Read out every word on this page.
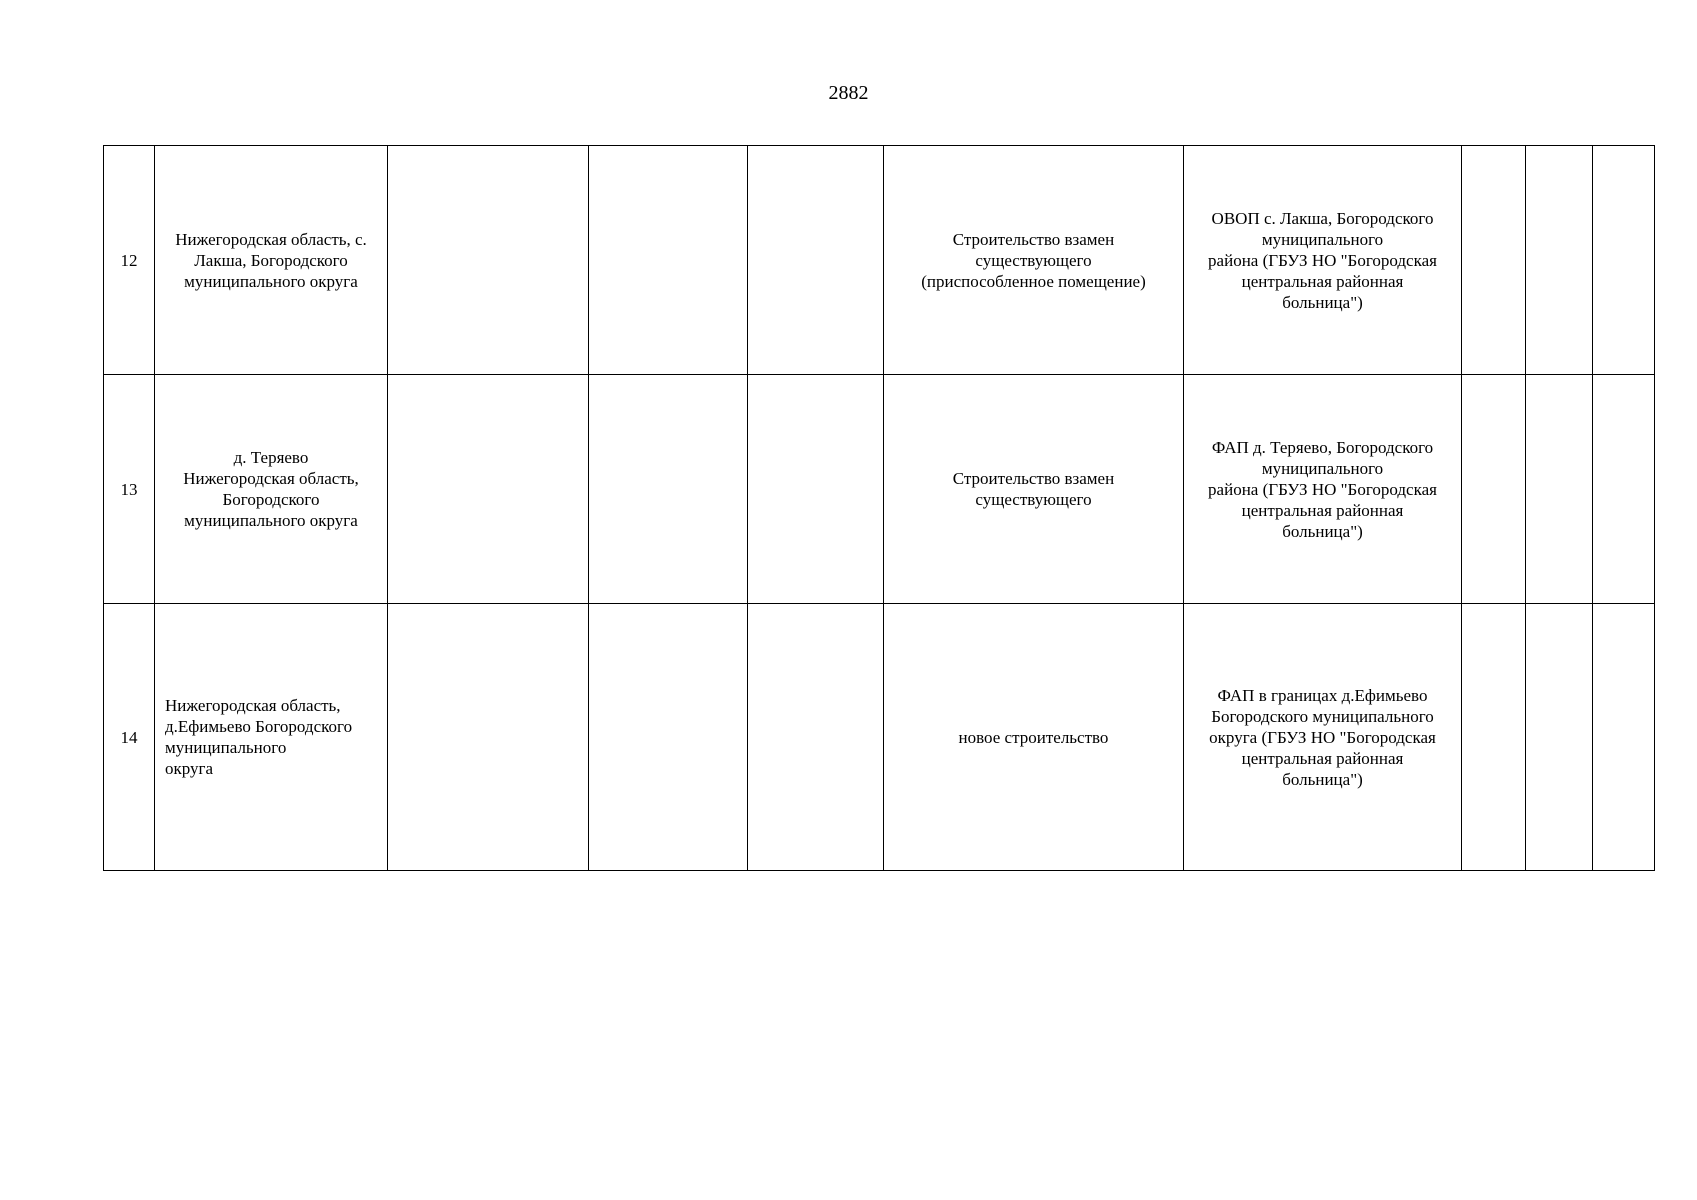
2882
12	Нижегородская область, с.
Лакша, Богородского
муниципального округа				Строительство взамен
существующего
(приспособленное помещение)	ОВОП с. Лакша, Богородского
муниципального
района (ГБУЗ НО "Богородская
центральная районная
больница")			
13	д. Теряево
Нижегородская область,
Богородского
муниципального округа				Строительство взамен
существующего	ФАП д. Теряево, Богородского
муниципального
района (ГБУЗ НО "Богородская
центральная районная
больница")			
14	Нижегородская область,
д.Ефимьево Богородского
муниципального
округа				новое строительство	ФАП в границах д.Ефимьево
Богородского муниципального
округа (ГБУЗ НО "Богородская
центральная районная
больница")			
